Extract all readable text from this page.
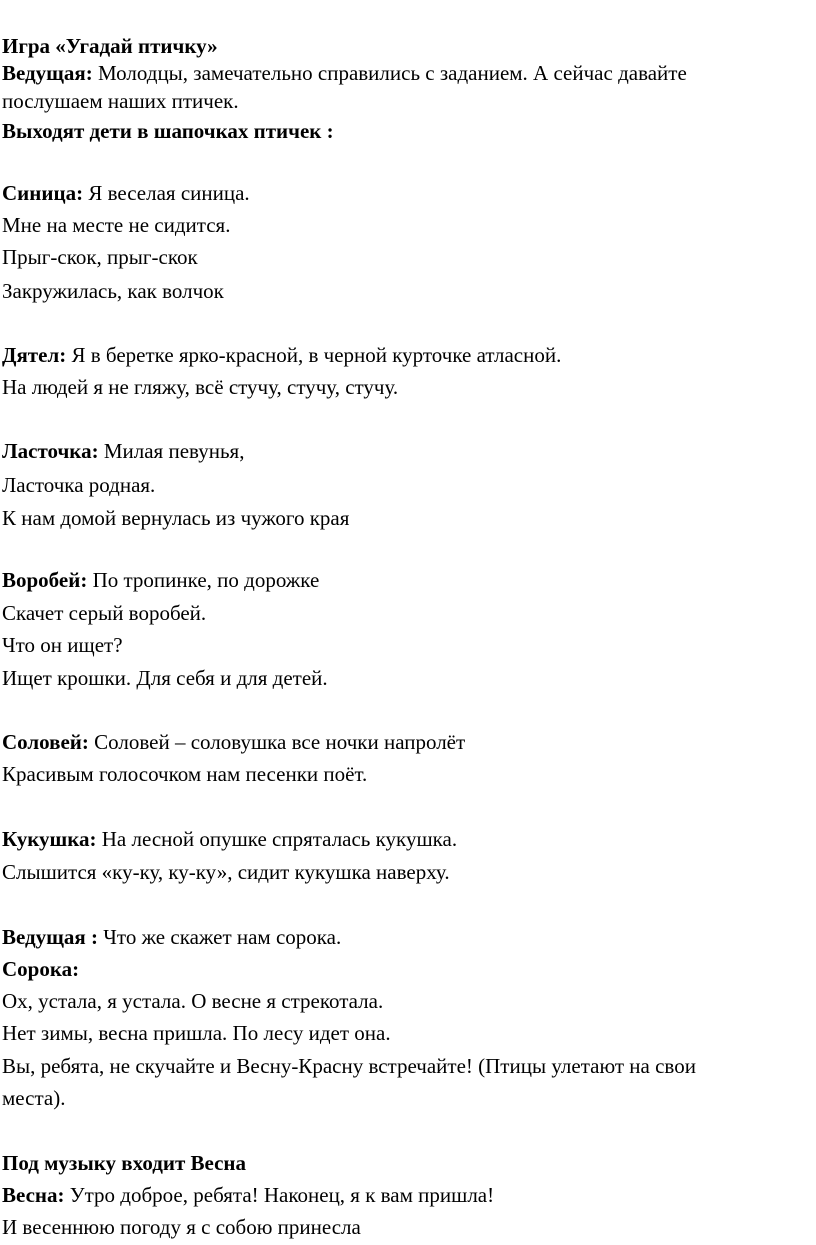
Игра «Угадай птичку»
Ведущая: Молодцы, замечательно справились с заданием. А сейчас давайте
послушаем наших птичек.
Выходят дети в шапочках птичек :
Синица: Я веселая синица.
Мне на месте не сидится.
Прыг-скок, прыг-скок
Закружилась, как волчок
Дятел: Я в беретке ярко-красной, в черной курточке атласной.
На людей я не гляжу, всё стучу, стучу, стучу.
Ласточка: Милая певунья,
Ласточка родная.
К нам домой вернулась из чужого края
Воробей: По тропинке, по дорожке
Скачет серый воробей.
Что он ищет?
Ищет крошки. Для себя и для детей.
Соловей: Соловей – соловушка все ночки напролёт
Красивым голосочком нам песенки поёт.
Кукушка: На лесной опушке спряталась кукушка.
Слышится «ку-ку, ку-ку», сидит кукушка наверху.
Ведущая : Что же скажет нам сорока.
Сорока:
Ох, устала, я устала. О весне я стрекотала.
Нет зимы, весна пришла. По лесу идет она.
Вы, ребята, не скучайте и Весну-Красну встречайте! (Птицы улетают на свои
места).
Под музыку входит Весна
Весна: Утро доброе, ребята! Наконец, я к вам пришла!
И весеннюю погоду я с собою принесла
